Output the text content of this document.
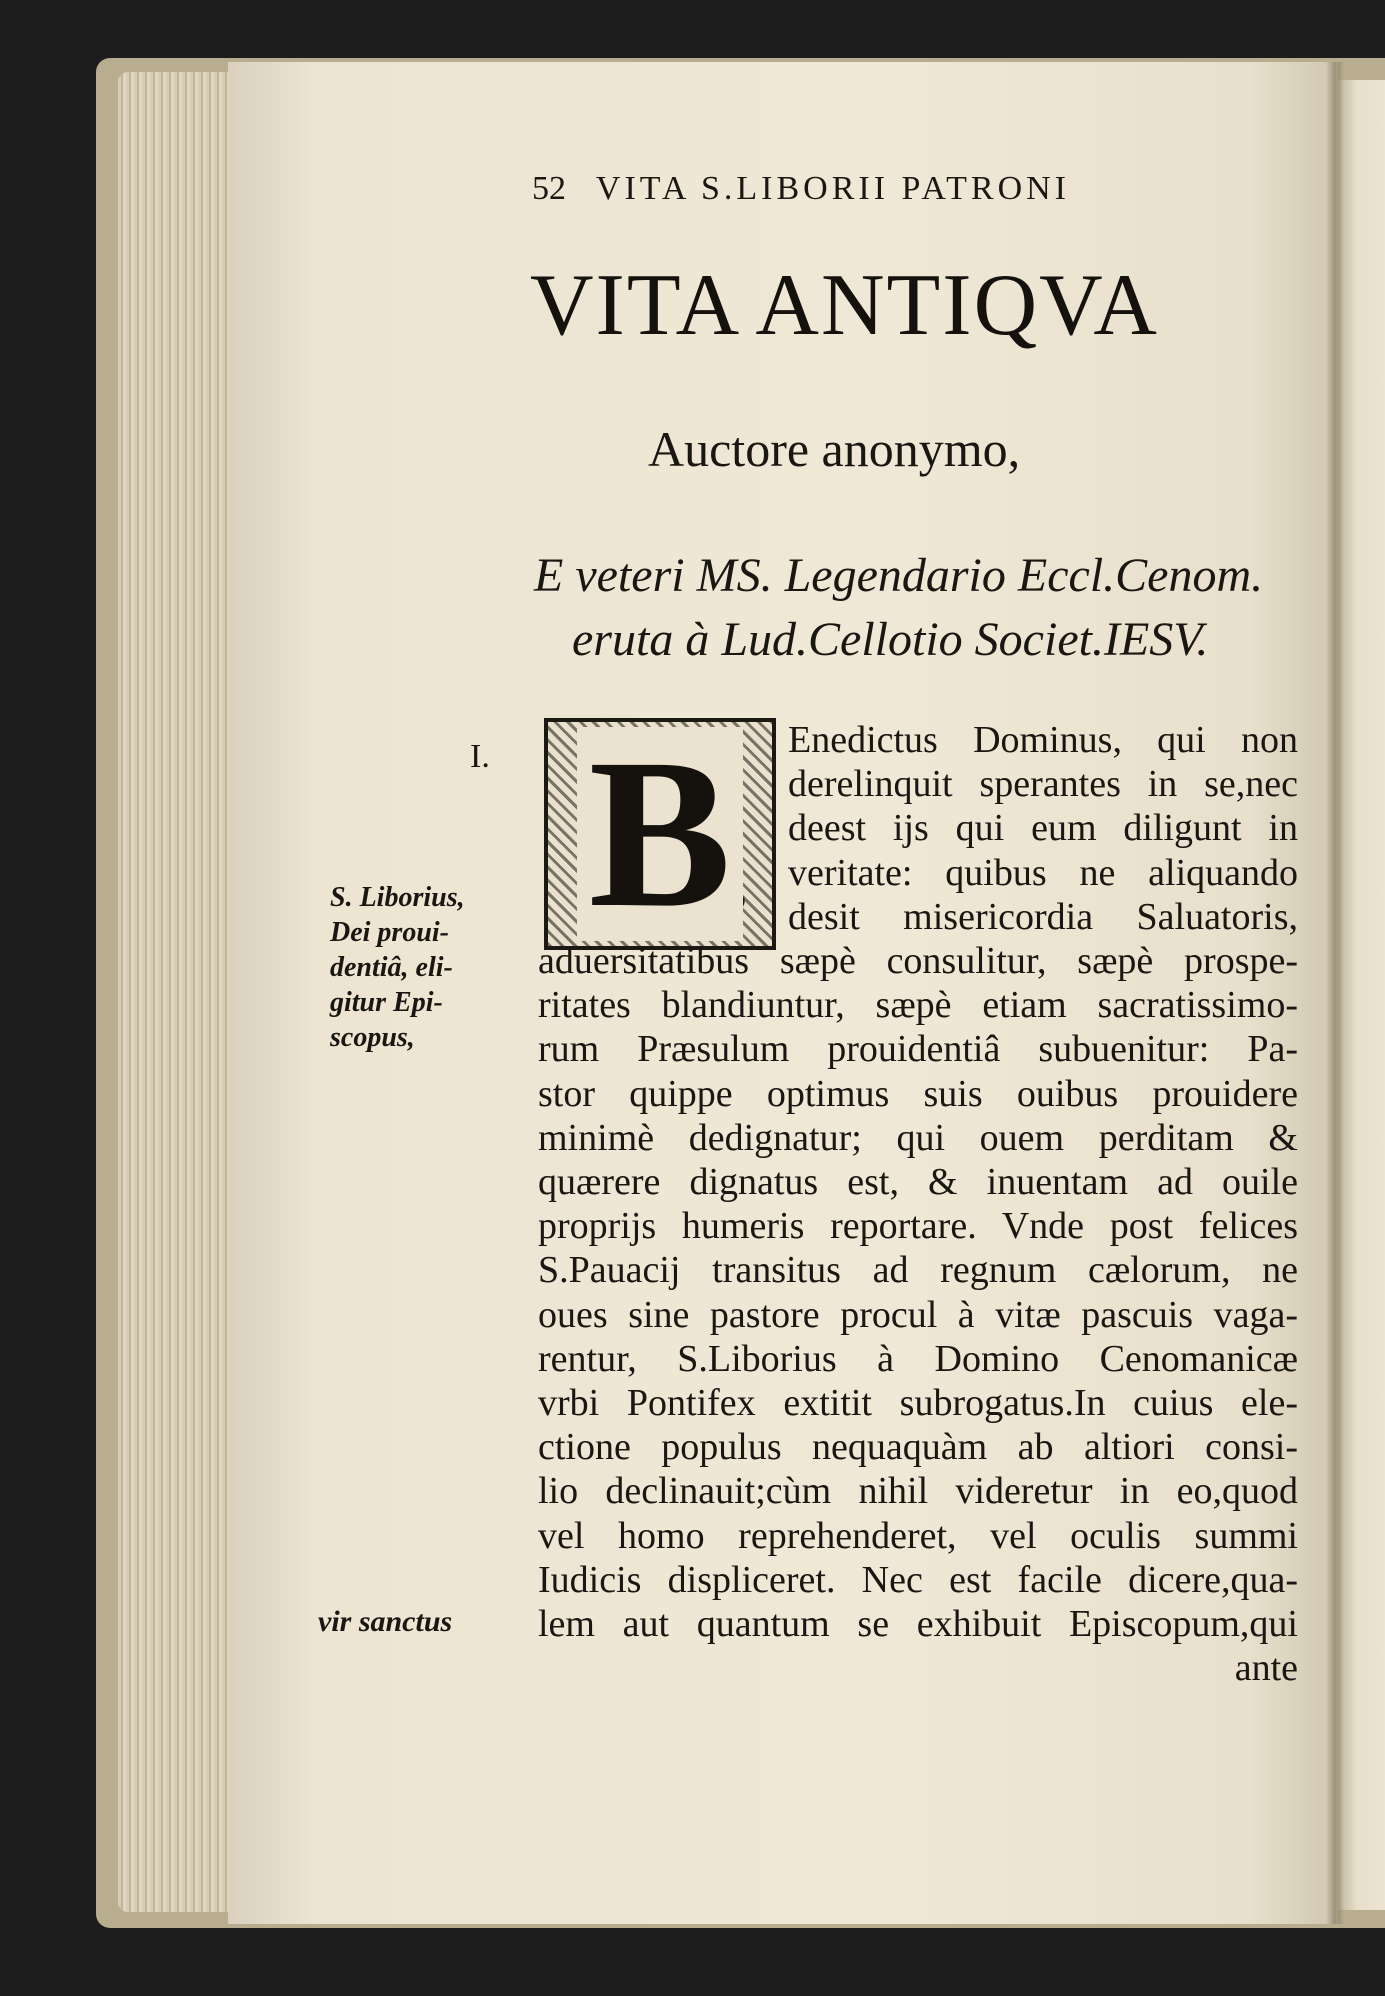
52 VITA S.LIBORII PATRONI
VITA ANTIQVA
Auctore anonymo,
E veteri MS. Legendario Eccl.Cenom.
eruta à Lud.Cellotio Societ.IESV.
I. B	Enedictus Dominus, qui non
derelinquit sperantes in se,nec
deest ijs qui eum diligunt in
veritate: quibus ne aliquando
desit misericordia Saluatoris,
aduersitatibus sæpè consulitur, sæpè prospe-
ritates blandiuntur, sæpè etiam sacratissimo-
rum Præsulum prouidentiâ subuenitur: Pa-
stor quippe optimus suis ouibus prouidere
minimè dedignatur; qui ouem perditam &
quærere dignatus est, & inuentam ad ouile
proprijs humeris reportare. Vnde post felices
S.Pauacij transitus ad regnum cælorum, ne
oues sine pastore procul à vitæ pascuis vaga-
rentur, S.Liborius à Domino Cenomanicæ
vrbi Pontifex extitit subrogatus.In cuius ele-
ctione populus nequaquàm ab altiori consi-
lio declinauit;cùm nihil videretur in eo,quod
vel homo reprehenderet, vel oculis summi
Iudicis displiceret. Nec est facile dicere,qua-
lem aut quantum se exhibuit Episcopum,qui
ante
S. Liborius,
Dei proui-
dentiâ, eli-
gitur Epi-
scopus,
vir sanctus
